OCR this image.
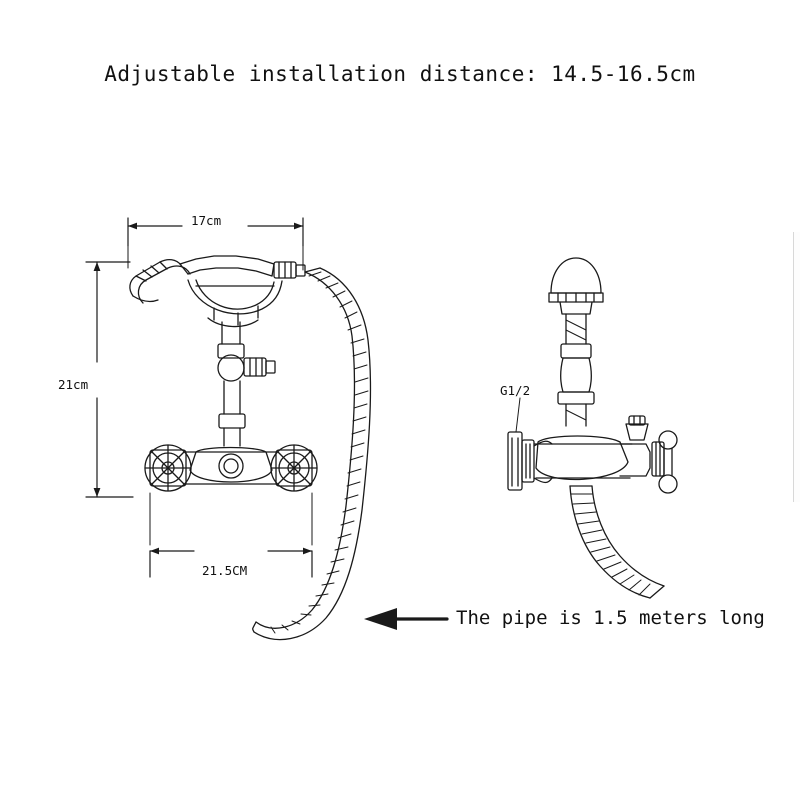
Adjustable installation distance: 14.5-16.5cm
17cm
21cm
21.5CM
G1/2
The pipe is 1.5 meters long
